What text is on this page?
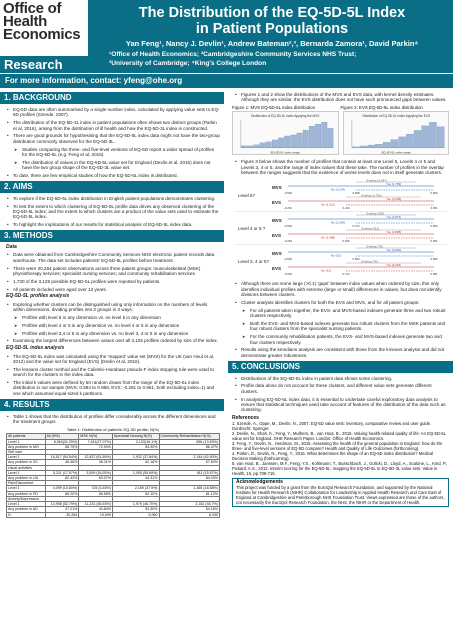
Office of
Health
Economics
Research
The Distribution of the EQ-5D-5L Index
in Patient Populations
Yan Feng¹, Nancy J. Devlin¹, Andrew Bateman²,³, Bernarda Zamora¹, David Parkin⁴
¹Office of Health Economics; ²Cambridgeshire Community Services NHS Trust;
³University of Cambridge; ⁴King's College London
For more information, contact: yfeng@ohe.org
1. BACKGROUND
• EQ-5D data are often summarised by a single number index, calculated by applying value sets to EQ-5D profiles (Szende, 2007).
• The distribution of the EQ-5D-3L index in patient populations often shows two distinct groups (Parkin et al, 2016), arising from the distribution of ill health and how the EQ-5D-3L index is constructed.
• There are good grounds for hypothesising that the EQ-5D-5L index data might not have the two-group distribution commonly observed for the EQ-5D-3L.
➤ Studies comparing the three- and five-level versions of EQ-5D report a wider spread of profiles for the EQ-5D-5L (e.g. Feng et al, 2015).
➤ The distribution of values in the EQ-5D-5L value set for England (Devlin et al. 2016) does not have the two group shape of the EQ-5D-3L value set.
• To date, there are few empirical studies of how the EQ-5D-5L index is distributed.
2. AIMS
• To explore if the EQ-5D-5L index distribution in English patient populations demonstrates clustering.
• To test the extent to which clustering of EQ-5D-5L profile data drives any observed clustering of the EQ-5D-5L index; and the extent to which clusters are a product of the value sets used to estimate the EQ-5D-5L index.
• To highlight the implications of our results for statistical analysis of EQ-5D-5L index data.
3. METHODS
Data
• Data were obtained from Cambridgeshire Community Services NHS electronic patient records data warehouse. The data set includes patients' EQ-5D-5L profiles before treatment.
• There were 30,284 patient observations across three patient groups: musculoskeletal (MSK) physiotherapy services; specialist nursing services; and community rehabilitation services.
• 1,730 of the 3,125 possible EQ-5D-5L profiles were reported by patients.
• All patients included were aged over 12 years.
EQ-5D-5L profiles analysis
• Exploring whether clusters can be distinguished using only information on the numbers of levels within dimensions, dividing profiles into 2 groups in 3 ways:
➤ Profiles with level 5 in any dimension vs. no level 5 in any dimension
➤ Profiles with level 4 or 5 in any dimension vs. no level 4 or 5 in any dimension
➤ Profiles with level 3,4 or 5 in any dimension vs. no level 3, 4 or 5 in any dimension
• Examining the largest differences between values over all 3,125 profiles ordered by size of the index.
EQ-5D-5L index analysis
• The EQ-5D-5L index was calculated using the 'mapped' value set (MVS) for the UK (van Hout et al, 2012) and the value set for England (EVS) (Devlin et al, 2016).
• The kmeans cluster method and the Calinski–Harabasz pseudo-F index stopping rule were used to search for the clusters in the index data.
• The initial k values were defined by 50 random draws from the range of the EQ-5D-5L index distribution in our sample (MVS: 0.594 to 0.966; EVS: -0.281 to 0.951; both excluding index=1) and one which assumed equal-sized k partitions.
4. RESULTS
• Table 1 shows that the distribution of profiles differ considerably across the different dimensions and the treatment groups.
Table 1: Distribution of patients' EQ-5D profile; N(%)
All patients	All (N%)	MSK N(%)	Specialist Nursing N(%)	Community Rehabilitation N(%)
Level 1	8,563(31.25%)	7,611(27.07%)	2,133(16.1%)	656 (13.53%)
Any problem in MO	68.75%	72.93%	83.90%	86.47%
Self care				
Level 1	16,517 (54.54%)	12,837 (61.69%)	1,932 (37.84%)	2,144 (42.40%)
Any problem in SC	45.46%	38.31%	62.16%	57.60%
Usual activities				
Level 1	5,311 (17.57%)	3,599 (16.93%)	1,055 (55.69%)	911 (15.57%)
Any problem in UA	82.43%	83.07%	44.31%	84.43%
Pain/Discomfort				
Level 1	4,099 (10.80%)	725 (3.45%)	2,159 (37.9%)	1,366 (18.88%)
Any problem in PD	89.20%	96.55%	62.10%	81.12%
Anxiety/Depression				
Level 1	13,998 (52.79%)	11,231 (56.53%)	1,975 (46.70%)	2,162 (45.7%)
Any problem in AD	47.21%	43.84%	53.30%	54.16%
N	30,284	19,099	5,960	6,050
• Figures 1 and 2 show the distributions of the MVS and EVS data, with kernel density estimates. Although they are similar, the EVS distribution does not have such pronounced gaps between values.
Figure 1: MVS EQ-5D-5L index distribution	Figure 2: EVS EQ-5D-5L index distribution
Distribution of EQ-5D-5L index Applying the MVS
EQ-5D-5L index range
Distribution of EQ-5D-5L index Applying the EVS
EQ-5D-5L index range
• Figure 3 below shows the number of profiles that contain at least one Level 5, Levels 4 or 5 and Levels 3, 4 or 5, and the range of index values that these take. The number of profiles in the overlap between the ranges suggests that the existence of worse levels does not in itself generate clusters.
Level 5?
MVS
EVS
Yes (1,789)
No (1,024)
Overlap (2,637)
-0.594	0.598	0.966
Yes (2,038)
No (1,011)
Overlap (2,791)
-0.281	0.219	0.951
Level 4 or 5 ?
MVS
EVS
Yes (2,874)
No (1,600)
Overlap (263)
-0.594	0.374	0.966
Yes (2,898)
No (1,488)
Overlap (311)
-0.281	0.495	0.951
Level 3, 4 or 5?
MVS
EVS
Yes (3,000)
No (32)
Overlap (79)
-0.594	0.550	0.966
Yes (3,004)
No (32)
Overlap (76)
-0.281	0.713	0.951
• Although there are some large (>0.1) 'gaps' between index values when ordered by size, this only identifies individual profiles with extreme (large or small) differences in values, but does not identify divisions between clusters.
• Cluster analysis identifies clusters for both the EVS and MVS, and for all patient groups:
➤ For all patients taken together, the EVS- and MVS-based indexes generate three and two robust clusters respectively.
➤ Both the EVS- and MVS-based indexes generate two robust clusters from the MSK patients and four robust clusters from the specialist nursing patients.
➤ For the community rehabilitation patients, the EVS- and MVS-based indexes generate two and four clusters respectively.
• Results using the kmedians analysis are consistent with those from the kmeans analysis and did not demonstrate greater robustness.
5. CONCLUSIONS
• Distributions of the EQ-5D-5L index in patient data shows some clustering.
• Profile data alone do not account for these clusters, and different value sets generate different clusters.
• In analysing EQ-5D-5L index data, it is essential to undertake careful exploratory data analysis to ensure that statistical techniques used take account of features of the distribution of the data such as clustering.
References
1. Szende, A., Oppe, M., Devlin, N., 2007. EQ-5D value sets: inventory, comparative review and user guide. Dordrecht: Springer.
2. Devlin, N., Shah, K., Feng, Y., Mulhern, B., van Hout, B., 2016. Valuing health-related quality of life: An EQ-5D-5L value set for England. OHE Research Paper. London: Office of Health Economics.
3. Feng, Y., Devlin, N., Herdman, M., 2015. Assessing the health of the general population in England: how do the three- and five-level versions of EQ-5D compare? Health and Quality of Life Outcomes (forthcoming).
4. Parkin, D., Devlin, N., Feng, Y., 2016. What determines the shape of an EQ-5D index distribution? Medical Decision Making (forthcoming).
5. van Hout, B., Janssen, M.F., Feng, Y.S., Kohlmann, T., Busschbach, J., Golicki, D., Lloyd, A., Scalone, L., Kind, P., Pickard, A.S., 2012. Interim scoring for the EQ-5D-5L: mapping the EQ-5D-5L to EQ-5D-3L value sets. Value in Health, 15, pp.708-715.
Acknowledgements
This project was funded by a grant from the EuroQol Research Foundation, and supported by the National Institute for Health Research (NIHR) Collaboration for Leadership in Applied Health Research and Care East of England at Cambridgeshire and Peterborough NHS Foundation Trust. Views expressed are those of the authors, not necessarily the EuroQol Research Foundation, the NHS, the NIHR or the Department of Health.
